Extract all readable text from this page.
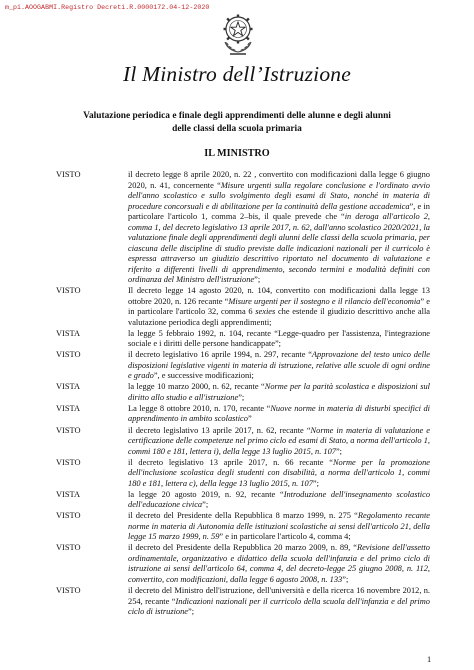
m_pi.AOOGABMI.Registro Decreti.R.0000172.04-12-2020
Il Ministro dell’Istruzione
Valutazione periodica e finale degli apprendimenti delle alunne e degli alunni
delle classi della scuola primaria
IL MINISTRO
VISTO	il decreto legge 8 aprile 2020, n. 22 , convertito con modificazioni dalla legge 6 giugno 2020, n. 41, concernente “Misure urgenti sulla regolare conclusione e l'ordinato avvio dell'anno scolastico e sullo svolgimento degli esami di Stato, nonché in materia di procedure concorsuali e di abilitazione per la continuità della gestione accademica”, e in particolare l'articolo 1, comma 2–bis, il quale prevede che “in deroga all'articolo 2, comma 1, del decreto legislativo 13 aprile 2017, n. 62, dall'anno scolastico 2020/2021, la valutazione finale degli apprendimenti degli alunni delle classi della scuola primaria, per ciascuna delle discipline di studio previste dalle indicazioni nazionali per il curricolo è espressa attraverso un giudizio descrittivo riportato nel documento di valutazione e riferito a differenti livelli di apprendimento, secondo termini e modalità definiti con ordinanza del Ministro dell'istruzione”;
VISTO	Il decreto legge 14 agosto 2020, n. 104, convertito con modificazioni dalla legge 13 ottobre 2020, n. 126 recante “Misure urgenti per il sostegno e il rilancio dell'economia” e in particolare l'articolo 32, comma 6 sexies che estende il giudizio descrittivo anche alla valutazione periodica degli apprendimenti;
VISTA	la legge 5 febbraio 1992, n. 104, recante “Legge-quadro per l'assistenza, l'integrazione sociale e i diritti delle persone handicappate”;
VISTO	il decreto legislativo 16 aprile 1994, n. 297, recante “Approvazione del testo unico delle disposizioni legislative vigenti in materia di istruzione, relative alle scuole di ogni ordine e grado”, e successive modificazioni;
VISTA	la legge 10 marzo 2000, n. 62, recante “Norme per la parità scolastica e disposizioni sul diritto allo studio e all'istruzione”;
VISTA	La legge 8 ottobre 2010, n. 170, recante “Nuove norme in materia di disturbi specifici di apprendimento in ambito scolastico”
VISTO	il decreto legislativo 13 aprile 2017, n. 62, recante “Norme in materia di valutazione e certificazione delle competenze nel primo ciclo ed esami di Stato, a norma dell'articolo 1, commi 180 e 181, lettera i), della legge 13 luglio 2015, n. 107”;
VISTO	il decreto legislativo 13 aprile 2017, n. 66 recante “Norme per la promozione dell'inclusione scolastica degli studenti con disabilità, a norma dell'articolo 1, commi 180 e 181, lettera c), della legge 13 luglio 2015, n. 107”;
VISTA	la legge 20 agosto 2019, n. 92, recante “Introduzione dell'insegnamento scolastico dell'educazione civica”;
VISTO	il decreto del Presidente della Repubblica 8 marzo 1999, n. 275 “Regolamento recante norme in materia di Autonomia delle istituzioni scolastiche ai sensi dell'articolo 21, della legge 15 marzo 1999, n. 59” e in particolare l'articolo 4, comma 4;
VISTO	il decreto del Presidente della Repubblica 20 marzo 2009, n. 89, “Revisione dell'assetto ordinamentale, organizzativo e didattico della scuola dell'infanzia e del primo ciclo di istruzione ai sensi dell'articolo 64, comma 4, del decreto-legge 25 giugno 2008, n. 112, convertito, con modificazioni, dalla legge 6 agosto 2008, n. 133”;
VISTO	il decreto del Ministro dell'istruzione, dell'università e della ricerca 16 novembre 2012, n. 254, recante “Indicazioni nazionali per il curricolo della scuola dell'infanzia e del primo ciclo di istruzione”;
1
